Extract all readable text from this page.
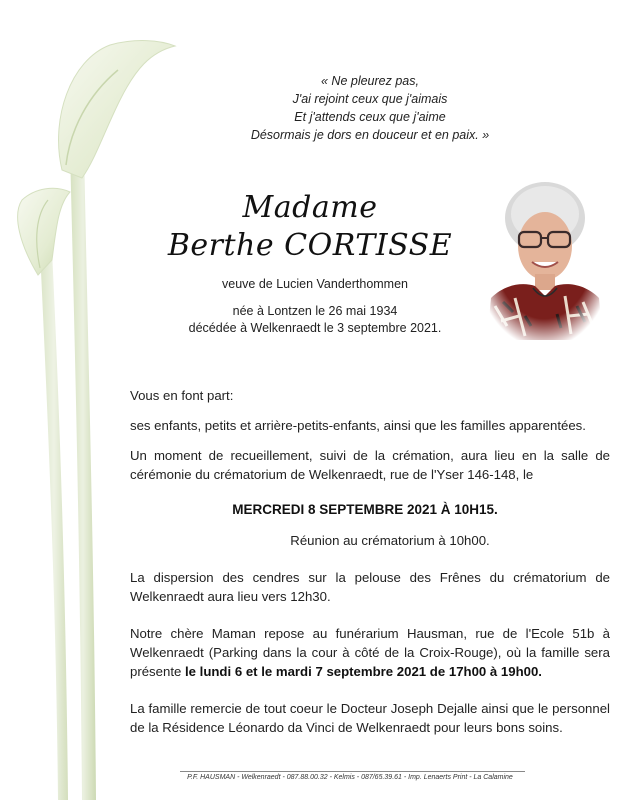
« Ne pleurez pas,
J'ai rejoint ceux que j'aimais
Et j'attends ceux que j'aime
Désormais je dors en douceur et en paix. »
Madame
Berthe CORTISSE
veuve de Lucien Vanderthommen
née à Lontzen le 26 mai 1934
décédée à Welkenraedt le 3 septembre 2021.

Vous en font part:

ses enfants, petits et arrière-petits-enfants, ainsi que les familles apparentées.

Un moment de recueillement, suivi de la crémation, aura lieu en la salle de cérémonie du crématorium de Welkenraedt, rue de l'Yser 146-148, le

MERCREDI 8 SEPTEMBRE 2021 À 10H15.

Réunion au crématorium à 10h00.

La dispersion des cendres sur la pelouse des Frênes du crématorium de Welkenraedt aura lieu vers 12h30.

Notre chère Maman repose au funérarium Hausman, rue de l'Ecole 51b à Welkenraedt (Parking dans la cour à côté de la Croix-Rouge), où la famille sera présente le lundi 6 et le mardi 7 septembre 2021 de 17h00 à 19h00.

La famille remercie de tout coeur le Docteur Joseph Dejalle ainsi que le personnel de la Résidence Léonardo da Vinci de Welkenraedt pour leurs bons soins.

P.F. HAUSMAN - Welkenraedt - 087.88.00.32 - Kelmis - 087/65.39.61 - Imp. Lenaerts Print - La Calamine
